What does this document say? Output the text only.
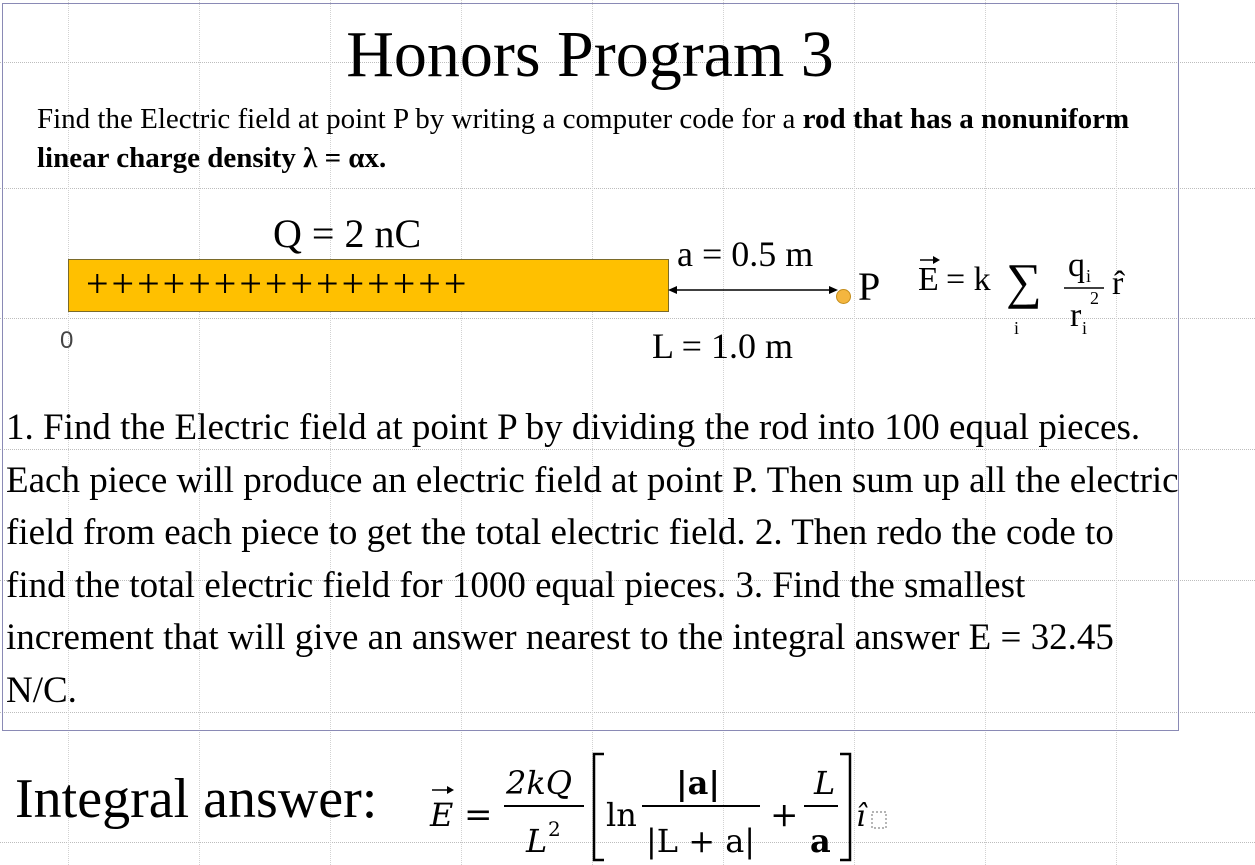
Honors Program 3
Find the Electric field at point P by writing a computer code for a rod that has a nonuniform linear charge density λ = αx.
Q = 2 nC
+++++++++++++++
a = 0.5 m
P
0	L = 1.0 m
E = k ∑
i
q i
r 2
i
r̂
1. Find the Electric field at point P by dividing the rod into 100 equal pieces. Each piece will produce an electric field at point P. Then sum up all the electric field from each piece to get the total electric field. 2. Then redo the code to find the total electric field for 1000 equal pieces. 3. Find the smallest increment that will give an answer nearest to the integral answer E = 32.45 N/C.
Integral answer: E =
2kQ
L 2 ln
|a|
|L + a|
+
L
a
î
